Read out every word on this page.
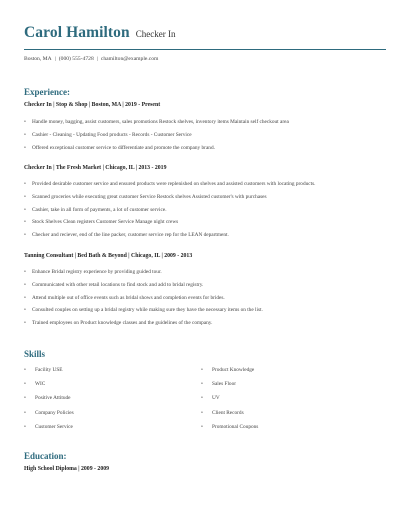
Carol Hamilton Checker In
Boston, MA | (000) 555-4728 | chamilton@example.com
Experience:
Checker In | Stop & Shop | Boston, MA | 2019 - Present
• Handle money, bagging, assist customers, sales promotions Restock shelves, inventory items Maintain self checkout area
• Cashier - Cleaning - Updating Food products - Records - Customer Service
• Offered exceptional customer service to differentiate and promote the company brand.
Checker In | The Fresh Market | Chicago, IL | 2013 - 2019
• Provided desirable customer service and ensured products were replenished on shelves and assisted customers with locating products.
• Scanned groceries while executing great customer Service Restock shelves Assisted customer's with purchases
• Cashier, take in all form of payments, a lot of customer service.
• Stock Shelves Clean registers Customer Service Manage night crews
• Checker and reciever, end of the line packer, customer service rep for the LEAN department.
Tanning Consultant | Bed Bath & Beyond | Chicago, IL | 2009 - 2013
• Enhance Bridal registry experience by providing guided tour.
• Communicated with other retail locations to find stock and add to bridal registry.
• Attend multiple out of office events such as bridal shows and completion events for brides.
• Consulted couples on setting up a bridal registry while making sure they have the necessary items on the list.
• Trained employees on Product knowledge classes and the guidelines of the company.
Skills
• Facility USE
• WIC
• Positive Attitude
• Company Policies
• Customer Service
• Product Knowledge
• Sales Floor
• UV
• Client Records
• Promotional Coupons
Education:
High School Diploma | 2009 - 2009
